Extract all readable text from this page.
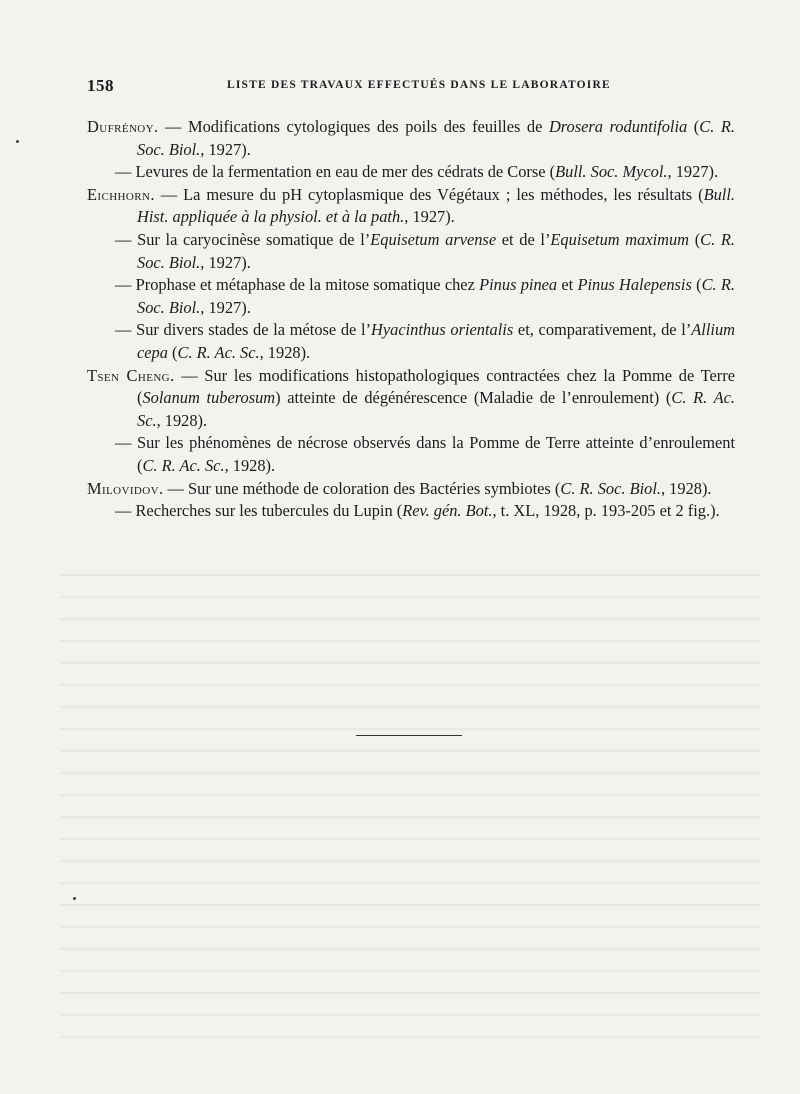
158	LISTE DES TRAVAUX EFFECTUÉS DANS LE LABORATOIRE

Dufrénoy. — Modifications cytologiques des poils des feuilles de Drosera roduntifolia (C. R. Soc. Biol., 1927).

— Levures de la fermentation en eau de mer des cédrats de Corse (Bull. Soc. Mycol., 1927).

Eichhorn. — La mesure du pH cytoplasmique des Végétaux ; les méthodes, les résultats (Bull. Hist. appliquée à la physiol. et à la path., 1927).

— Sur la caryocinèse somatique de l’Equisetum arvense et de l’Equisetum maximum (C. R. Soc. Biol., 1927).

— Prophase et métaphase de la mitose somatique chez Pinus pinea et Pinus Halepensis (C. R. Soc. Biol., 1927).

— Sur divers stades de la métose de l’Hyacinthus orientalis et, comparativement, de l’Allium cepa (C. R. Ac. Sc., 1928).

Tsen Cheng. — Sur les modifications histopathologiques contractées chez la Pomme de Terre (Solanum tuberosum) atteinte de dégénérescence (Maladie de l’enroulement) (C. R. Ac. Sc., 1928).

— Sur les phénomènes de nécrose observés dans la Pomme de Terre atteinte d’enroulement (C. R. Ac. Sc., 1928).

Milovidov. — Sur une méthode de coloration des Bactéries symbiotes (C. R. Soc. Biol., 1928).

— Recherches sur les tubercules du Lupin (Rev. gén. Bot., t. XL, 1928, p. 193-205 et 2 fig.).
